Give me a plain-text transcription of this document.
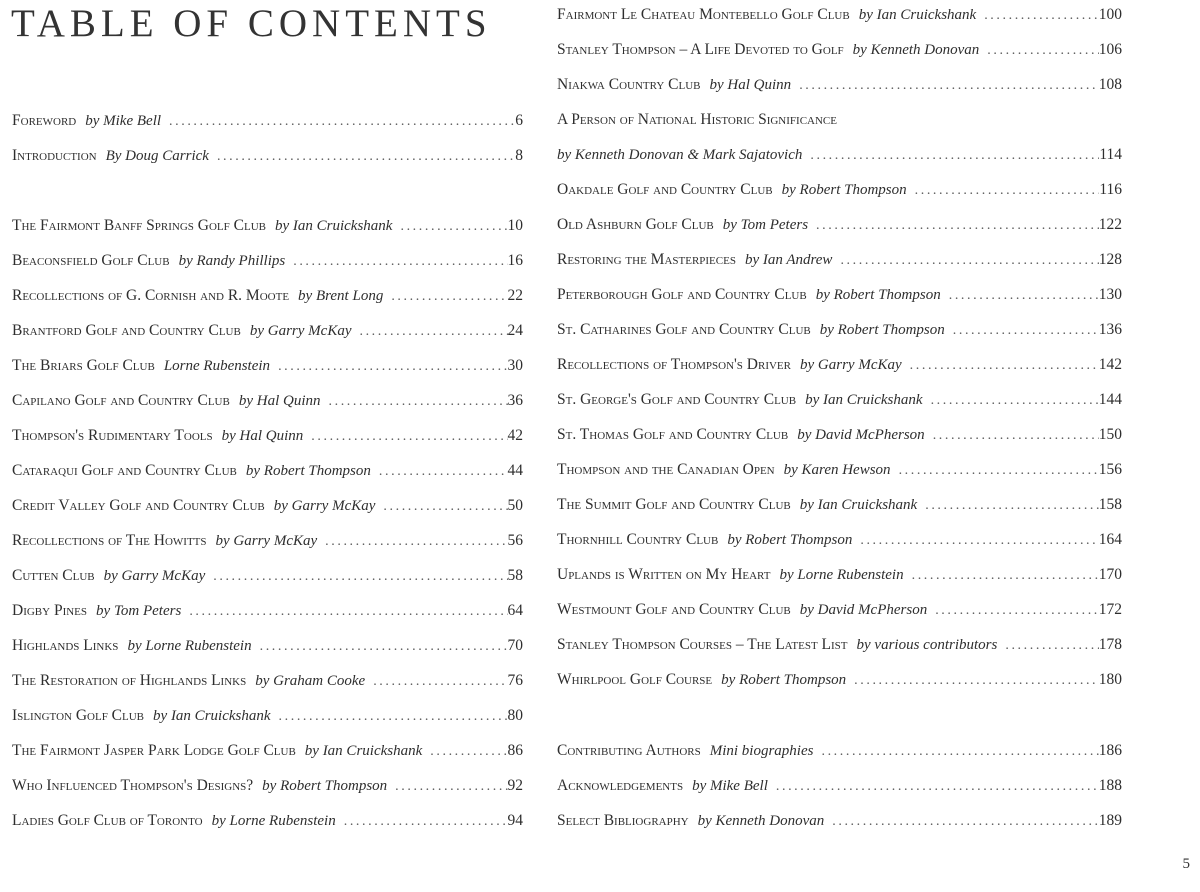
TABLE OF CONTENTS
Foreword by Mike Bell .....	6
Introduction By Doug Carrick .....	8
The Fairmont Banff Springs Golf Club by Ian Cruickshank .....	10
Beaconsfield Golf Club by Randy Phillips .....	16
Recollections of G. Cornish and R. Moote by Brent Long .....	22
Brantford Golf and Country Club by Garry McKay .....	24
The Briars Golf Club Lorne Rubenstein .....	30
Capilano Golf and Country Club by Hal Quinn .....	36
Thompson's Rudimentary Tools by Hal Quinn .....	42
Cataraqui Golf and Country Club by Robert Thompson .....	44
Credit Valley Golf and Country Club by Garry McKay .....	50
Recollections of The Howitts by Garry McKay .....	56
Cutten Club by Garry McKay .....	58
Digby Pines by Tom Peters .....	64
Highlands Links by Lorne Rubenstein .....	70
The Restoration of Highlands Links by Graham Cooke .....	76
Islington Golf Club by Ian Cruickshank .....	80
The Fairmont Jasper Park Lodge Golf Club by Ian Cruickshank .....	86
Who Influenced Thompson's Designs? by Robert Thompson .....	92
Ladies Golf Club of Toronto by Lorne Rubenstein .....	94
Fairmont Le Chateau Montebello Golf Club by Ian Cruickshank .....	100
Stanley Thompson – A Life Devoted to Golf by Kenneth Donovan .....	106
Niakwa Country Club by Hal Quinn .....	108
A Person of National Historic Significance
by Kenneth Donovan & Mark Sajatovich .....	114
Oakdale Golf and Country Club by Robert Thompson .....	116
Old Ashburn Golf Club by Tom Peters .....	122
Restoring the Masterpieces by Ian Andrew .....	128
Peterborough Golf and Country Club by Robert Thompson .....	130
St. Catharines Golf and Country Club by Robert Thompson .....	136
Recollections of Thompson's Driver by Garry McKay .....	142
St. George's Golf and Country Club by Ian Cruickshank .....	144
St. Thomas Golf and Country Club by David McPherson .....	150
Thompson and the Canadian Open by Karen Hewson .....	156
The Summit Golf and Country Club by Ian Cruickshank .....	158
Thornhill Country Club by Robert Thompson .....	164
Uplands is Written on My Heart by Lorne Rubenstein .....	170
Westmount Golf and Country Club by David McPherson .....	172
Stanley Thompson Courses – The Latest List by various contributors .....	178
Whirlpool Golf Course by Robert Thompson .....	180
Contributing Authors Mini biographies .....	186
Acknowledgements by Mike Bell .....	188
Select Bibliography by Kenneth Donovan .....	189
5
